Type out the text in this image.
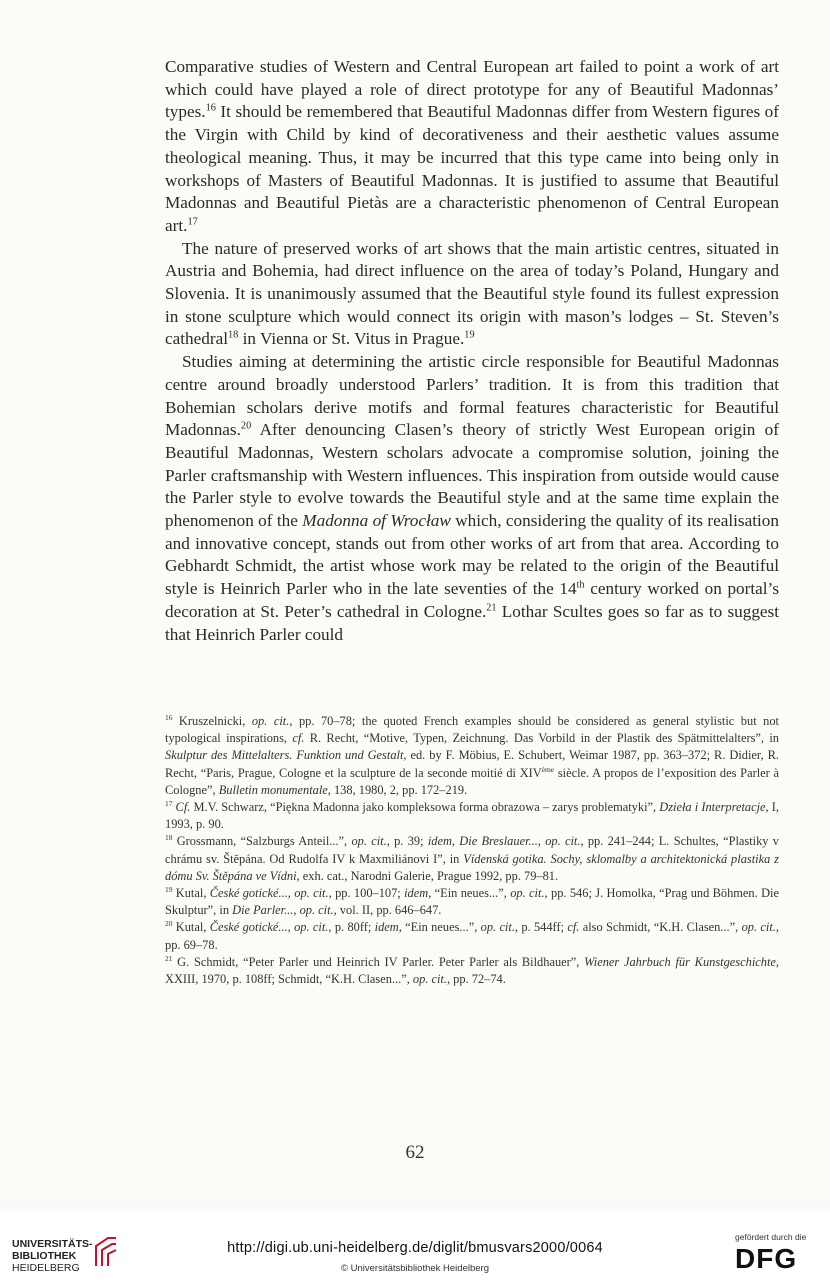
Comparative studies of Western and Central European art failed to point a work of art which could have played a role of direct prototype for any of Beautiful Madonnas’ types.$^{16}$ It should be remembered that Beautiful Madonnas differ from Western figures of the Virgin with Child by kind of decorativeness and their aesthetic values assume theological meaning. Thus, it may be incurred that this type came into being only in workshops of Masters of Beautiful Madonnas. It is justified to assume that Beautiful Madonnas and Beautiful Pietàs are a characteristic phenomenon of Central European art.$^{17}$

The nature of preserved works of art shows that the main artistic centres, situated in Austria and Bohemia, had direct influence on the area of today’s Poland, Hungary and Slovenia. It is unanimously assumed that the Beautiful style found its fullest expression in stone sculpture which would connect its origin with mason’s lodges – St. Steven’s cathedral$^{18}$ in Vienna or St. Vitus in Prague.$^{19}$

Studies aiming at determining the artistic circle responsible for Beautiful Madonnas centre around broadly understood Parlers’ tradition. It is from this tradition that Bohemian scholars derive motifs and formal features characteristic for Beautiful Madonnas.$^{20}$ After denouncing Clasen’s theory of strictly West European origin of Beautiful Madonnas, Western scholars advocate a compromise solution, joining the Parler craftsmanship with Western influences. This inspiration from outside would cause the Parler style to evolve towards the Beautiful style and at the same time explain the phenomenon of the Madonna of Wrocław which, considering the quality of its realisation and innovative concept, stands out from other works of art from that area. According to Gebhardt Schmidt, the artist whose work may be related to the origin of the Beautiful style is Heinrich Parler who in the late seventies of the 14th century worked on portal’s decoration at St. Peter’s cathedral in Cologne.$^{21}$ Lothar Scultes goes so far as to suggest that Heinrich Parler could

$^{16}$ Kruszelnicki, op. cit., pp. 70–78; the quoted French examples should be considered as general stylistic but not typological inspirations, cf. R. Recht, “Motive, Typen, Zeichnung. Das Vorbild in der Plastik des Spätmittelalters”, in Skulptur des Mittelalters. Funktion und Gestalt, ed. by F. Möbius, E. Schubert, Weimar 1987, pp. 363–372; R. Didier, R. Recht, “Paris, Prague, Cologne et la sculpture de la seconde moitié di XIVème siècle. A propos de l’exposition des Parler à Cologne”, Bulletin monumentale, 138, 1980, 2, pp. 172–219.

$^{17}$ Cf. M.V. Schwarz, “Piękna Madonna jako kompleksowa forma obrazowa – zarys problematyki”, Dzieła i Interpretacje, I, 1993, p. 90.

$^{18}$ Grossmann, “Salzburgs Anteil...”, op. cit., p. 39; idem, Die Breslauer..., op. cit., pp. 241–244; L. Schultes, “Plastiky v chrámu sv. Štěpána. Od Rudolfa IV k Maxmiliánovi I”, in Vídenská gotika. Sochy, sklomalby a architektonická plastika z dómu Sv. Štěpána ve Vídni, exh. cat., Narodni Galerie, Prague 1992, pp. 79–81.

$^{19}$ Kutal, České gotické..., op. cit., pp. 100–107; idem, “Ein neues...”, op. cit., pp. 546; J. Homolka, “Prag und Böhmen. Die Skulptur”, in Die Parler..., op. cit., vol. II, pp. 646–647.

$^{20}$ Kutal, České gotické..., op. cit., p. 80ff; idem, “Ein neues...”, op. cit., p. 544ff; cf. also Schmidt, “K.H. Clasen...”, op. cit., pp. 69–78.

$^{21}$ G. Schmidt, “Peter Parler und Heinrich IV Parler. Peter Parler als Bildhauer”, Wiener Jahrbuch für Kunstgeschichte, XXIII, 1970, p. 108ff; Schmidt, “K.H. Clasen...”, op. cit., pp. 72–74.

62
UNIVERSITÄTS-
BIBLIOTHEK
HEIDELBERG
http://digi.ub.uni-heidelberg.de/diglit/bmusvars2000/0064
© Universitätsbibliothek Heidelberg
gefördert durch die
DFG
